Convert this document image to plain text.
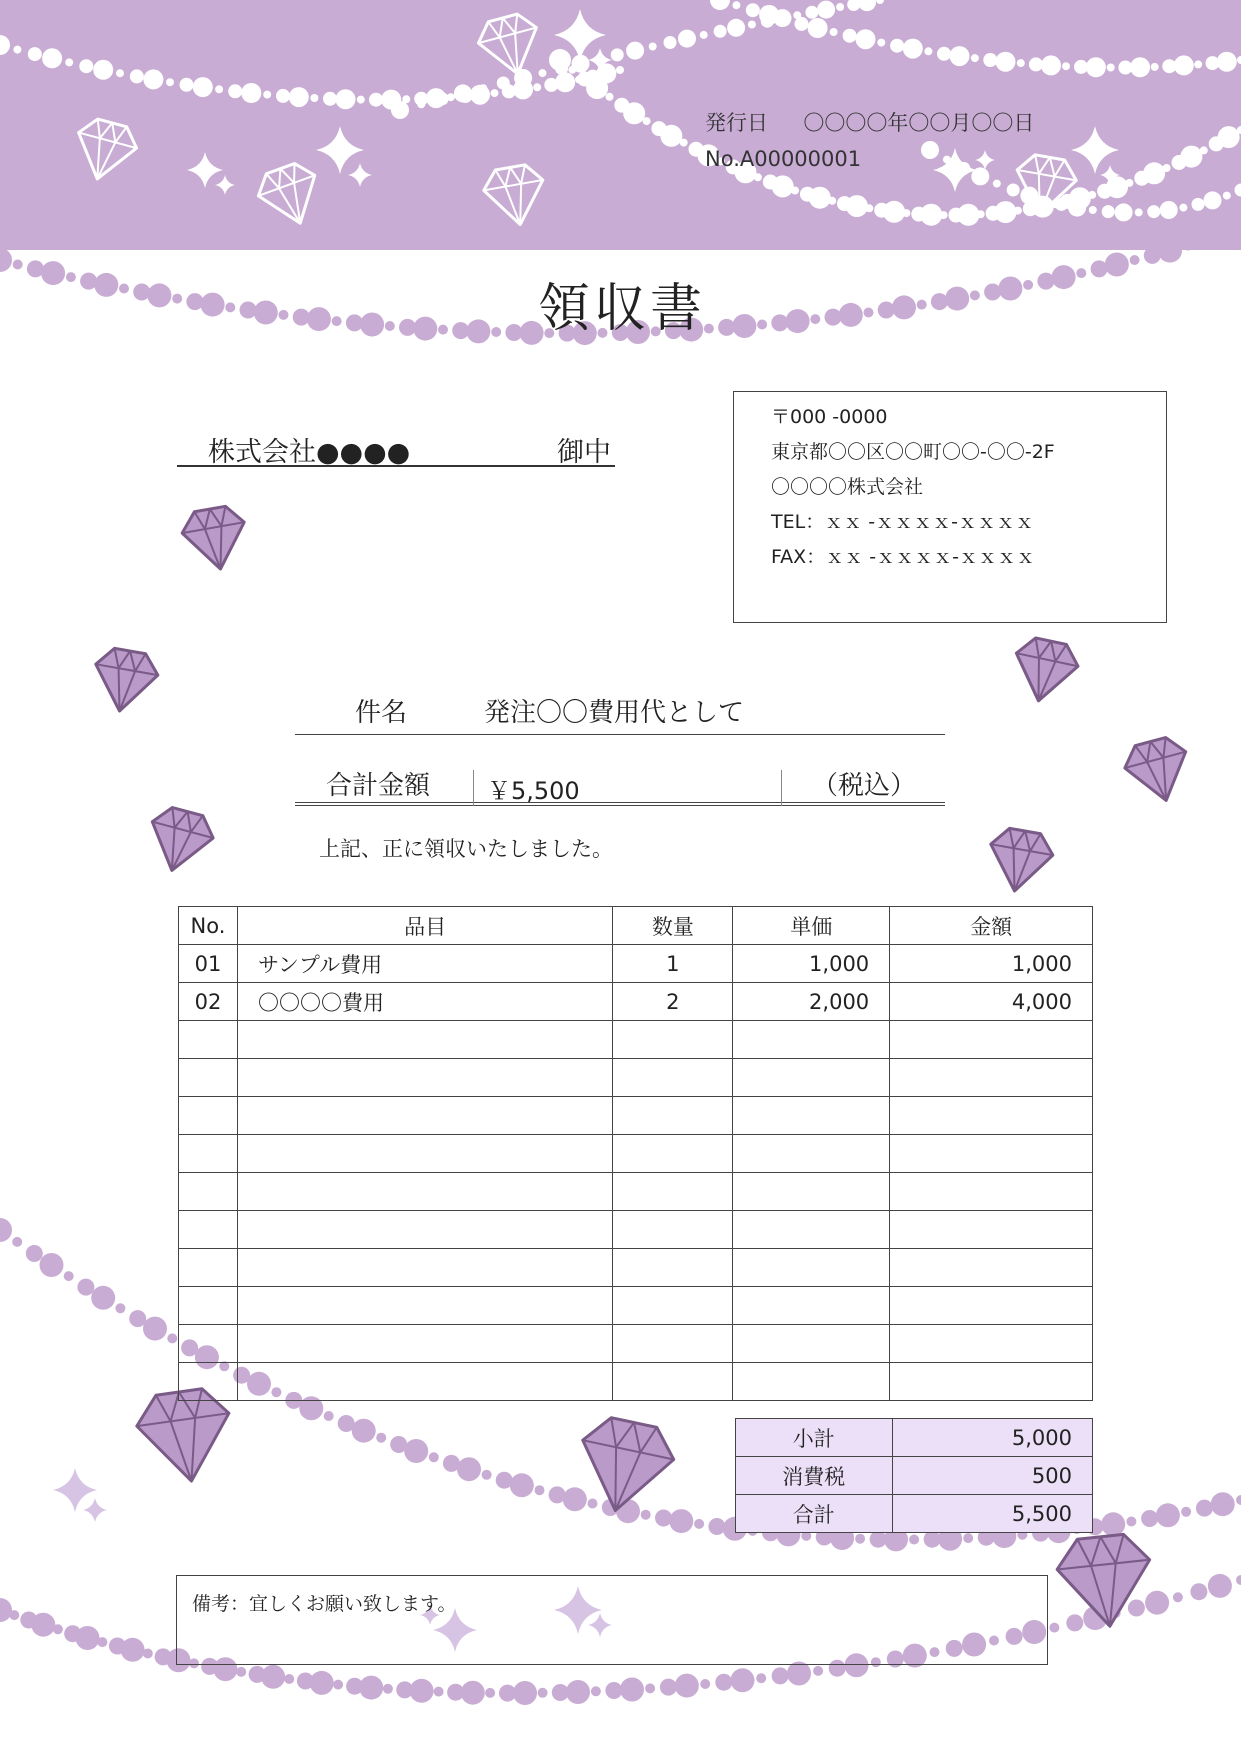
発行日 〇〇〇〇年〇〇月〇〇日
No.A00000001
領収書
株式会社●●●●	御中
〒000 -0000
東京都〇〇区〇〇町〇〇-〇〇-2F
〇〇〇〇株式会社
TEL：ｘｘ -ｘｘｘｘ-ｘｘｘｘ
FAX：ｘｘ -ｘｘｘｘ-ｘｘｘｘ
件名	発注〇〇費用代として
合計金額 ￥5,500	（税込）
上記、正に領収いたしました。
No.	品目	数量	単価	金額
01	サンプル費用	1	1,000	1,000
02	〇〇〇〇費用	2	2,000	4,000

小計	5,000
消費税	500
合計	5,500
備考：宜しくお願い致します。
